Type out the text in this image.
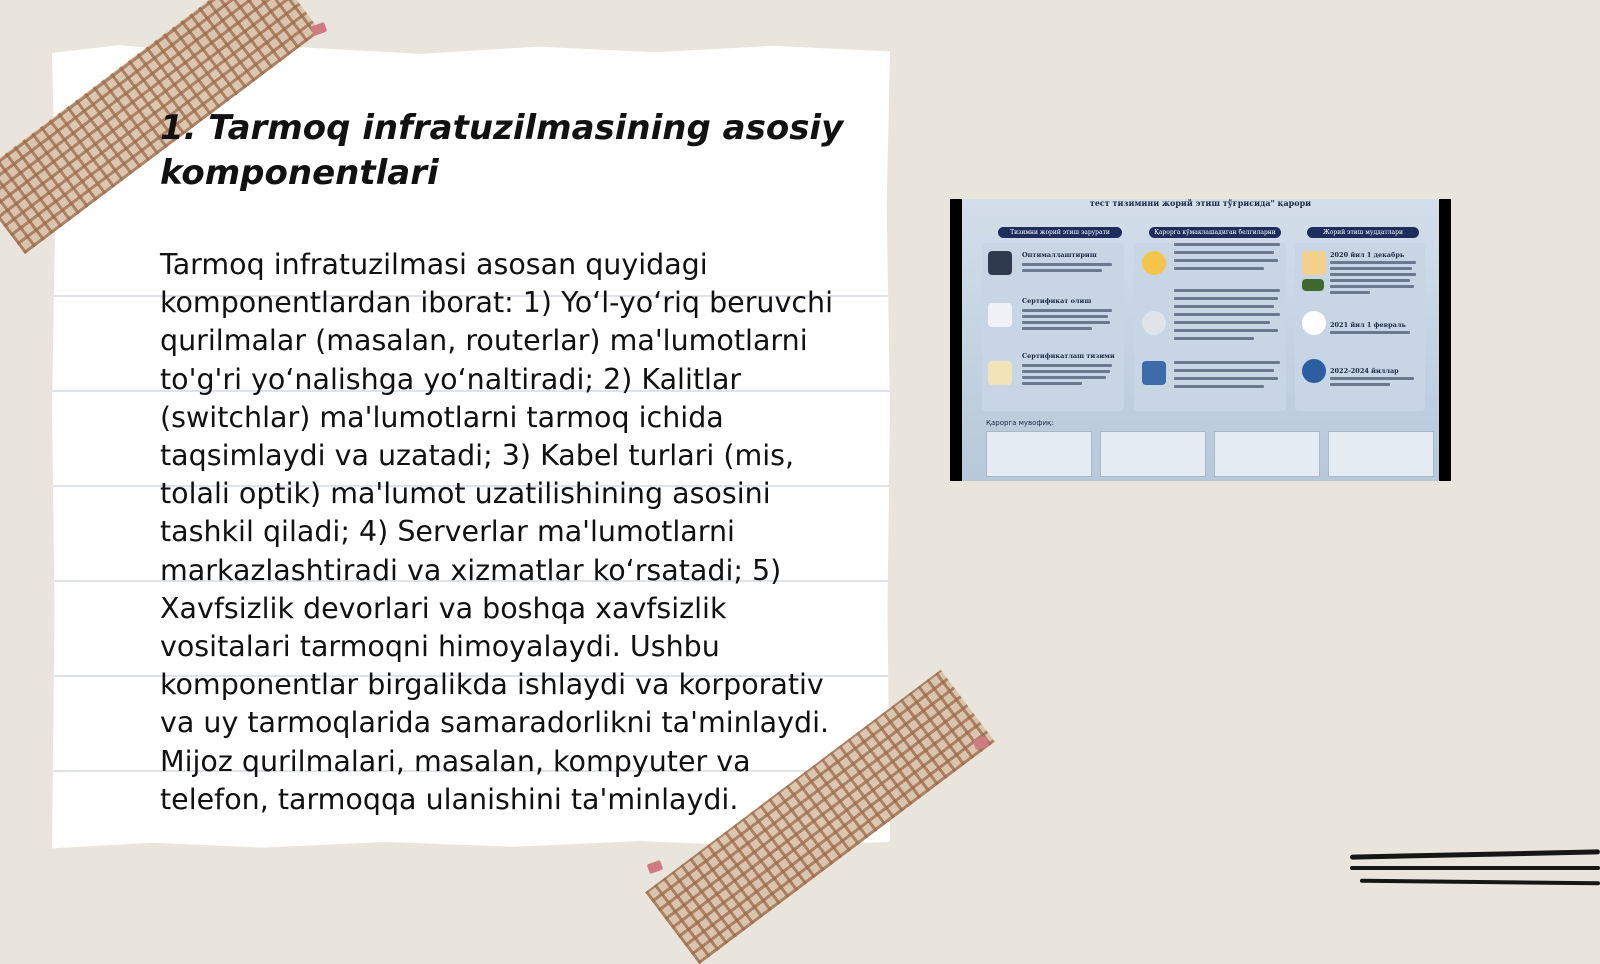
1. Tarmoq infratuzilmasining asosiy komponentlari

Tarmoq infratuzilmasi asosan quyidagi komponentlardan iborat: 1) Yo‘l-yo‘riq beruvchi qurilmalar (masalan, routerlar) ma'lumotlarni to'g'ri yo‘nalishga yo‘naltiradi; 2) Kalitlar (switchlar) ma'lumotlarni tarmoq ichida taqsimlaydi va uzatadi; 3) Kabel turlari (mis, tolali optik) ma'lumot uzatilishining asosini tashkil qiladi; 4) Serverlar ma'lumotlarni markazlashtiradi va xizmatlar ko‘rsatadi; 5) Xavfsizlik devorlari va boshqa xavfsizlik vositalari tarmoqni himoyalaydi. Ushbu komponentlar birgalikda ishlaydi va korporativ va uy tarmoqlarida samaradorlikni ta'minlaydi. Mijoz qurilmalari, masalan, kompyuter va telefon, tarmoqqa ulanishini ta'minlaydi.

тест тизимини жорий этиш тўғрисида" қарори
Тизимни жорий этиш зарурати	Қарорга кўмаклашадиган белгиларни	Жорий этиш муддатлари
Оптималлаштириш
Сертификат олиш
Сертификатлаш тизими
2020 йил 1 декабрь
2021 йил 1 февраль
2022-2024 йиллар
Қарорга мувофиқ:
